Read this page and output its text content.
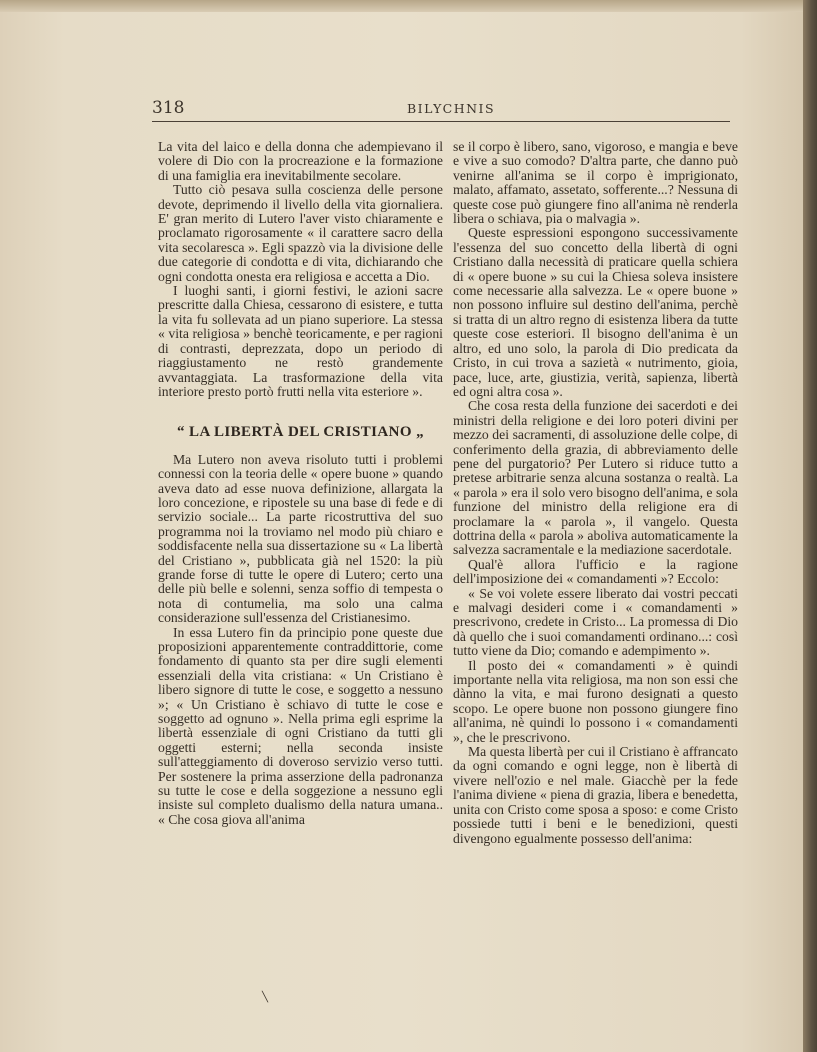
318	BILYCHNIS

La vita del laico e della donna che adempievano il volere di Dio con la procreazione e la formazione di una famiglia era inevitabilmente secolare.

Tutto ciò pesava sulla coscienza delle persone devote, deprimendo il livello della vita giornaliera. E' gran merito di Lutero l'aver visto chiaramente e proclamato rigorosamente « il carattere sacro della vita secolaresca ». Egli spazzò via la divisione delle due categorie di condotta e di vita, dichiarando che ogni condotta onesta era religiosa e accetta a Dio.

I luoghi santi, i giorni festivi, le azioni sacre prescritte dalla Chiesa, cessarono di esistere, e tutta la vita fu sollevata ad un piano superiore. La stessa « vita religiosa » benchè teoricamente, e per ragioni di contrasti, deprezzata, dopo un periodo di riaggiustamento ne restò grandemente avvantaggiata. La trasformazione della vita interiore presto portò frutti nella vita esteriore ».

“ LA LIBERTÀ DEL CRISTIANO „

Ma Lutero non aveva risoluto tutti i problemi connessi con la teoria delle « opere buone » quando aveva dato ad esse nuova definizione, allargata la loro concezione, e ripostele su una base di fede e di servizio sociale... La parte ricostruttiva del suo programma noi la troviamo nel modo più chiaro e soddisfacente nella sua dissertazione su « La libertà del Cristiano », pubblicata già nel 1520: la più grande forse di tutte le opere di Lutero; certo una delle più belle e solenni, senza soffio di tempesta o nota di contumelia, ma solo una calma considerazione sull'essenza del Cristianesimo.

In essa Lutero fin da principio pone queste due proposizioni apparentemente contraddittorie, come fondamento di quanto sta per dire sugli elementi essenziali della vita cristiana: « Un Cristiano è libero signore di tutte le cose, e soggetto a nessuno »; « Un Cristiano è schiavo di tutte le cose e soggetto ad ognuno ». Nella prima egli esprime la libertà essenziale di ogni Cristiano da tutti gli oggetti esterni; nella seconda insiste sull'atteggiamento di doveroso servizio verso tutti. Per sostenere la prima asserzione della padronanza su tutte le cose e della soggezione a nessuno egli insiste sul completo dualismo della natura umana.. « Che cosa giova all'anima

se il corpo è libero, sano, vigoroso, e mangia e beve e vive a suo comodo? D'altra parte, che danno può venirne all'anima se il corpo è imprigionato, malato, affamato, assetato, sofferente...? Nessuna di queste cose può giungere fino all'anima nè renderla libera o schiava, pia o malvagia ».

Queste espressioni espongono successivamente l'essenza del suo concetto della libertà di ogni Cristiano dalla necessità di praticare quella schiera di « opere buone » su cui la Chiesa soleva insistere come necessarie alla salvezza. Le « opere buone » non possono influire sul destino dell'anima, perchè si tratta di un altro regno di esistenza libera da tutte queste cose esteriori. Il bisogno dell'anima è un altro, ed uno solo, la parola di Dio predicata da Cristo, in cui trova a sazietà « nutrimento, gioia, pace, luce, arte, giustizia, verità, sapienza, libertà ed ogni altra cosa ».

Che cosa resta della funzione dei sacerdoti e dei ministri della religione e dei loro poteri divini per mezzo dei sacramenti, di assoluzione delle colpe, di conferimento della grazia, di abbreviamento delle pene del purgatorio? Per Lutero si riduce tutto a pretese arbitrarie senza alcuna sostanza o realtà. La « parola » era il solo vero bisogno dell'anima, e sola funzione del ministro della religione era di proclamare la « parola », il vangelo. Questa dottrina della « parola » aboliva automaticamente la salvezza sacramentale e la mediazione sacerdotale.

Qual'è allora l'ufficio e la ragione dell'imposizione dei « comandamenti »? Eccolo:

« Se voi volete essere liberato dai vostri peccati e malvagi desideri come i « comandamenti » prescrivono, credete in Cristo... La promessa di Dio dà quello che i suoi comandamenti ordinano...: così tutto viene da Dio; comando e adempimento ».

Il posto dei « comandamenti » è quindi importante nella vita religiosa, ma non son essi che dànno la vita, e mai furono designati a questo scopo. Le opere buone non possono giungere fino all'anima, nè quindi lo possono i « comandamenti », che le prescrivono.

Ma questa libertà per cui il Cristiano è affrancato da ogni comando e ogni legge, non è libertà di vivere nell'ozio e nel male. Giacchè per la fede l'anima diviene « piena di grazia, libera e benedetta, unita con Cristo come sposa a sposo: e come Cristo possiede tutti i beni e le benedizioni, questi divengono egualmente possesso dell'anima:

╲
